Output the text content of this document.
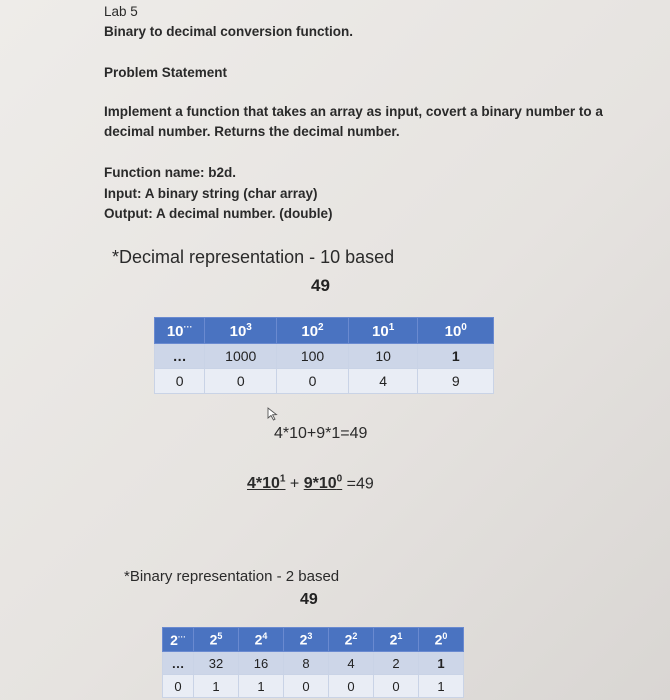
Lab 5
Binary to decimal conversion function.
Problem Statement
Implement a function that takes an array as input, covert a binary number to a
decimal number. Returns the decimal number.
Function name: b2d.
Input: A binary string (char array)
Output: A decimal number. (double)
*Decimal representation - 10 based
49
10···	$10^3$	$10^2$	$10^1$	$10^0$
…	1000	100	10	1
0	0	0	4	9
4*10+9*1=49
$4*10^1 + 9*10^0 =49$
*Binary representation - 2 based
49
2···	$2^5$	$2^4$	$2^3$	$2^2$	$2^1$	$2^0$
…	32	16	8	4	2	1
0	1	1	0	0	0	1
